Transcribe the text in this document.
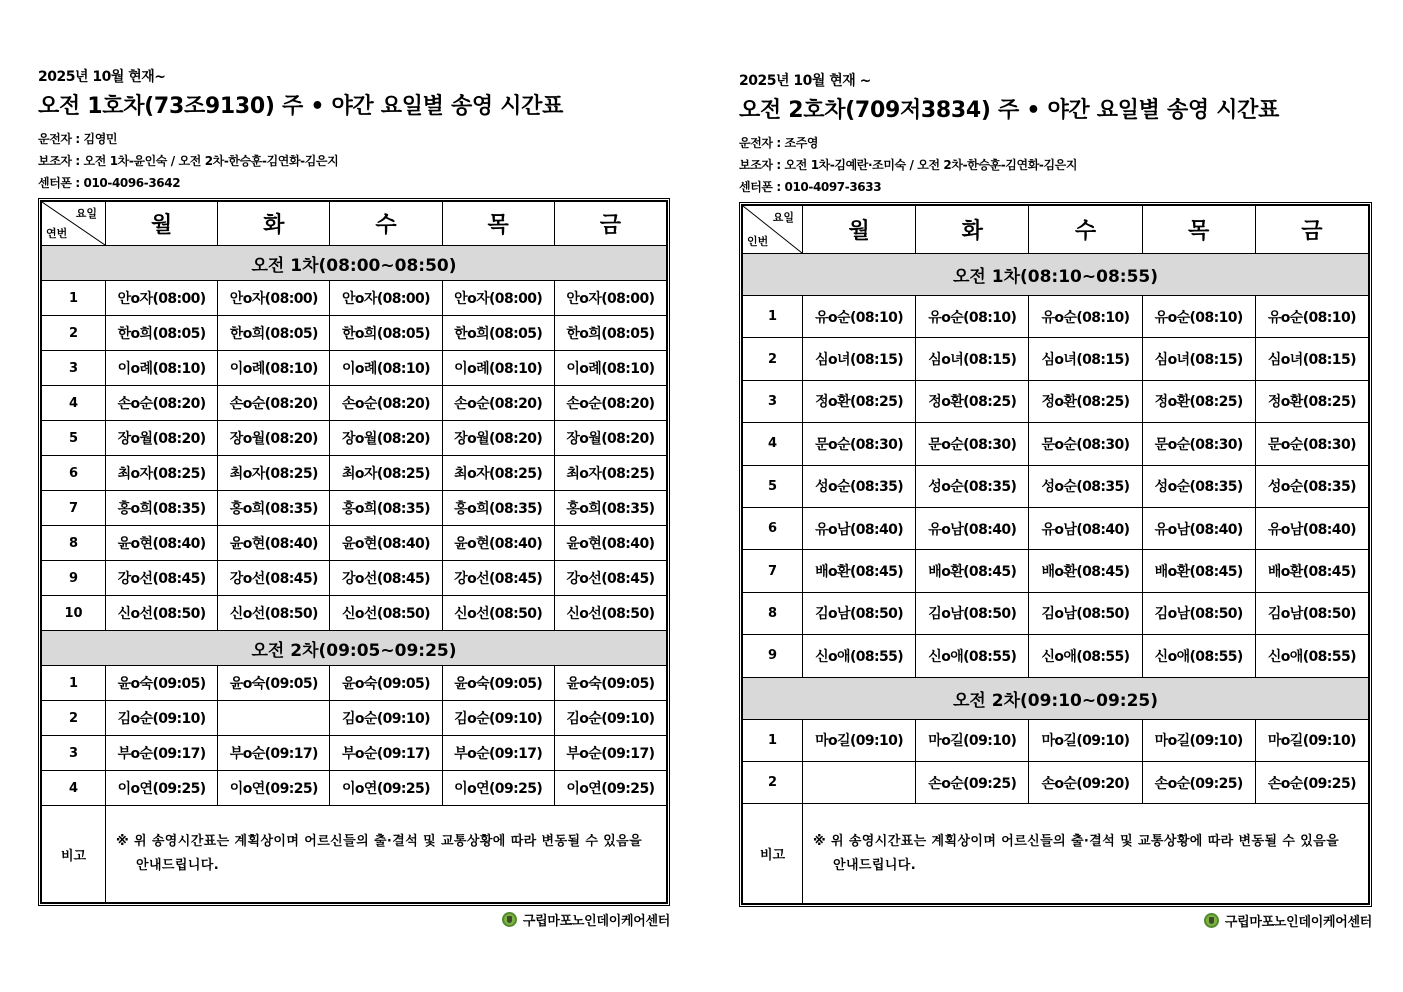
2025년 10월 현재~
오전 1호차(73조9130) 주 • 야간 요일별 송영 시간표
운전자 : 김영민
보조자 : 오전 1차-윤인숙 / 오전 2차-한승훈-김연화-김은지
센터폰 : 010-4096-3642
요일
연번	월	화	수	목	금
오전 1차(08:00~08:50)					
1	안o자(08:00)	안o자(08:00)	안o자(08:00)	안o자(08:00)	안o자(08:00)
2	한o희(08:05)	한o희(08:05)	한o희(08:05)	한o희(08:05)	한o희(08:05)
3	이o례(08:10)	이o례(08:10)	이o례(08:10)	이o례(08:10)	이o례(08:10)
4	손o순(08:20)	손o순(08:20)	손o순(08:20)	손o순(08:20)	손o순(08:20)
5	장o월(08:20)	장o월(08:20)	장o월(08:20)	장o월(08:20)	장o월(08:20)
6	최o자(08:25)	최o자(08:25)	최o자(08:25)	최o자(08:25)	최o자(08:25)
7	홍o희(08:35)	홍o희(08:35)	홍o희(08:35)	홍o희(08:35)	홍o희(08:35)
8	윤o현(08:40)	윤o현(08:40)	윤o현(08:40)	윤o현(08:40)	윤o현(08:40)
9	강o선(08:45)	강o선(08:45)	강o선(08:45)	강o선(08:45)	강o선(08:45)
10	신o선(08:50)	신o선(08:50)	신o선(08:50)	신o선(08:50)	신o선(08:50)
오전 2차(09:05~09:25)					
1	윤o숙(09:05)	윤o숙(09:05)	윤o숙(09:05)	윤o숙(09:05)	윤o숙(09:05)
2	김o순(09:10)		김o순(09:10)	김o순(09:10)	김o순(09:10)
3	부o순(09:17)	부o순(09:17)	부o순(09:17)	부o순(09:17)	부o순(09:17)
4	이o연(09:25)	이o연(09:25)	이o연(09:25)	이o연(09:25)	이o연(09:25)
비고	※ 위 송영시간표는 계획상이며 어르신들의 출·결석 및 교통상황에 따라 변동될 수 있음을 안내드립니다.				
구립마포노인데이케어센터
2025년 10월 현재 ~
오전 2호차(709저3834) 주 • 야간 요일별 송영 시간표
운전자 : 조주영
보조자 : 오전 1차-김예란·조미숙 / 오전 2차-한승훈-김연화-김은지
센터폰 : 010-4097-3633
요일
인번	월	화	수	목	금
오전 1차(08:10~08:55)					
1	유o순(08:10)	유o순(08:10)	유o순(08:10)	유o순(08:10)	유o순(08:10)
2	심o녀(08:15)	심o녀(08:15)	심o녀(08:15)	심o녀(08:15)	심o녀(08:15)
3	정o환(08:25)	정o환(08:25)	정o환(08:25)	정o환(08:25)	정o환(08:25)
4	문o순(08:30)	문o순(08:30)	문o순(08:30)	문o순(08:30)	문o순(08:30)
5	성o순(08:35)	성o순(08:35)	성o순(08:35)	성o순(08:35)	성o순(08:35)
6	유o남(08:40)	유o남(08:40)	유o남(08:40)	유o남(08:40)	유o남(08:40)
7	배o환(08:45)	배o환(08:45)	배o환(08:45)	배o환(08:45)	배o환(08:45)
8	김o남(08:50)	김o남(08:50)	김o남(08:50)	김o남(08:50)	김o남(08:50)
9	신o애(08:55)	신o애(08:55)	신o애(08:55)	신o애(08:55)	신o애(08:55)
오전 2차(09:10~09:25)					
1	마o길(09:10)	마o길(09:10)	마o길(09:10)	마o길(09:10)	마o길(09:10)
2		손o순(09:25)	손o순(09:20)	손o순(09:25)	손o순(09:25)
비고	※ 위 송영시간표는 계획상이며 어르신들의 출·결석 및 교통상황에 따라 변동될 수 있음을 안내드립니다.				
구립마포노인데이케어센터
